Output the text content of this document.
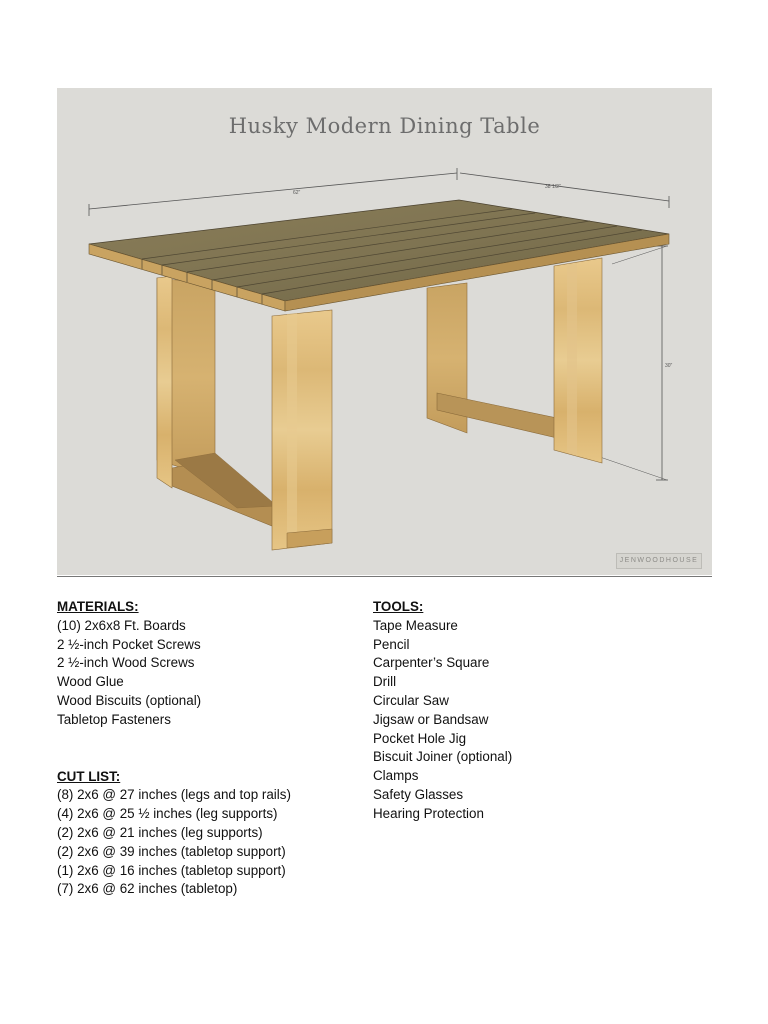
Husky Modern Dining Table
62"
38 1/2"
30"
JENWOODHOUSE
MATERIALS:
(10) 2x6x8 Ft. Boards
2 ½-inch Pocket Screws
2 ½-inch Wood Screws
Wood Glue
Wood Biscuits (optional)
Tabletop Fasteners
CUT LIST:
(8) 2x6 @ 27 inches (legs and top rails)
(4) 2x6 @ 25 ½ inches (leg supports)
(2) 2x6 @ 21 inches (leg supports)
(2) 2x6 @ 39 inches (tabletop support)
(1) 2x6 @ 16 inches (tabletop support)
(7) 2x6 @ 62 inches (tabletop)
TOOLS:
Tape Measure
Pencil
Carpenter’s Square
Drill
Circular Saw
Jigsaw or Bandsaw
Pocket Hole Jig
Biscuit Joiner (optional)
Clamps
Safety Glasses
Hearing Protection
